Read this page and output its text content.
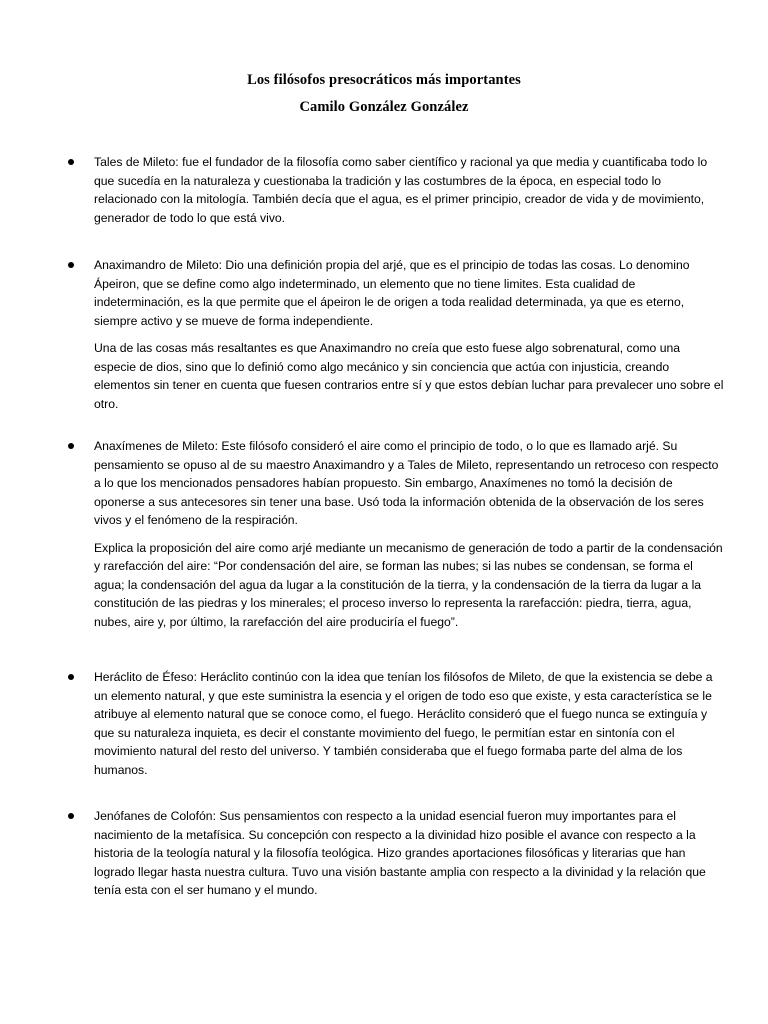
Los filósofos presocráticos más importantes
Camilo González González

Tales de Mileto: fue el fundador de la filosofía como saber científico y racional ya que media y cuantificaba todo lo que sucedía en la naturaleza y cuestionaba la tradición y las costumbres de la época, en especial todo lo relacionado con la mitología. También decía que el agua, es el primer principio, creador de vida y de movimiento, generador de todo lo que está vivo.

Anaximandro de Mileto: Dio una definición propia del arjé, que es el principio de todas las cosas. Lo denomino Ápeiron, que se define como algo indeterminado, un elemento que no tiene limites. Esta cualidad de indeterminación, es la que permite que el ápeiron le de origen a toda realidad determinada, ya que es eterno, siempre activo y se mueve de forma independiente.

Una de las cosas más resaltantes es que Anaximandro no creía que esto fuese algo sobrenatural, como una especie de dios, sino que lo definió como algo mecánico y sin conciencia que actúa con injusticia, creando elementos sin tener en cuenta que fuesen contrarios entre sí y que estos debían luchar para prevalecer uno sobre el otro.

Anaxímenes de Mileto: Este filósofo consideró el aire como el principio de todo, o lo que es llamado arjé. Su pensamiento se opuso al de su maestro Anaximandro y a Tales de Mileto, representando un retroceso con respecto a lo que los mencionados pensadores habían propuesto. Sin embargo, Anaxímenes no tomó la decisión de oponerse a sus antecesores sin tener una base. Usó toda la información obtenida de la observación de los seres vivos y el fenómeno de la respiración.

Explica la proposición del aire como arjé mediante un mecanismo de generación de todo a partir de la condensación y rarefacción del aire: “Por condensación del aire, se forman las nubes; si las nubes se condensan, se forma el agua; la condensación del agua da lugar a la constitución de la tierra, y la condensación de la tierra da lugar a la constitución de las piedras y los minerales; el proceso inverso lo representa la rarefacción: piedra, tierra, agua, nubes, aire y, por último, la rarefacción del aire produciría el fuego”.

Heráclito de Éfeso: Heráclito continúo con la idea que tenían los filósofos de Mileto, de que la existencia se debe a un elemento natural, y que este suministra la esencia y el origen de todo eso que existe, y esta característica se le atribuye al elemento natural que se conoce como, el fuego. Heráclito consideró que el fuego nunca se extinguía y que su naturaleza inquieta, es decir el constante movimiento del fuego, le permitían estar en sintonía con el movimiento natural del resto del universo. Y también consideraba que el fuego formaba parte del alma de los humanos.

Jenófanes de Colofón: Sus pensamientos con respecto a la unidad esencial fueron muy importantes para el nacimiento de la metafísica. Su concepción con respecto a la divinidad hizo posible el avance con respecto a la historia de la teología natural y la filosofía teológica. Hizo grandes aportaciones filosóficas y literarias que han logrado llegar hasta nuestra cultura. Tuvo una visión bastante amplia con respecto a la divinidad y la relación que tenía esta con el ser humano y el mundo.
